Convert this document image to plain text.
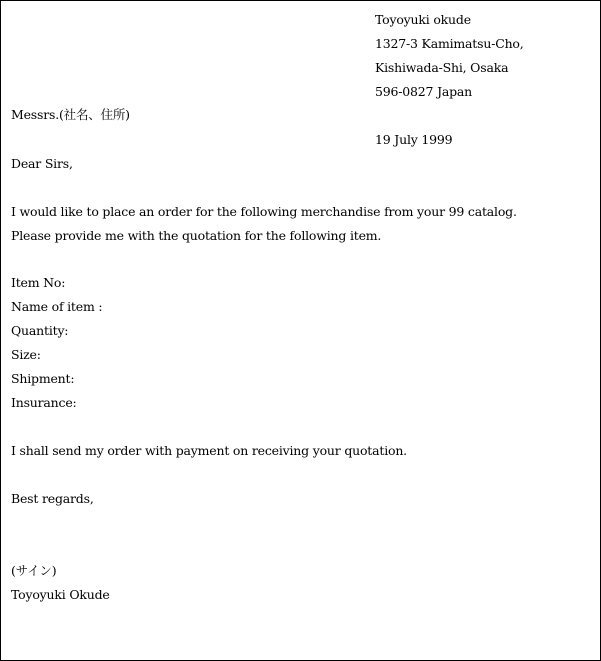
Toyoyuki okude
1327-3 Kamimatsu-Cho,
Kishiwada-Shi, Osaka
596-0827 Japan
Messrs.(社名、住所)
19 July 1999
Dear Sirs,
I would like to place an order for the following merchandise from your 99 catalog.
Please provide me with the quotation for the following item.
Item No:
Name of item :
Quantity:
Size:
Shipment:
Insurance:
I shall send my order with payment on receiving your quotation.
Best regards,
(サイン)
Toyoyuki Okude
